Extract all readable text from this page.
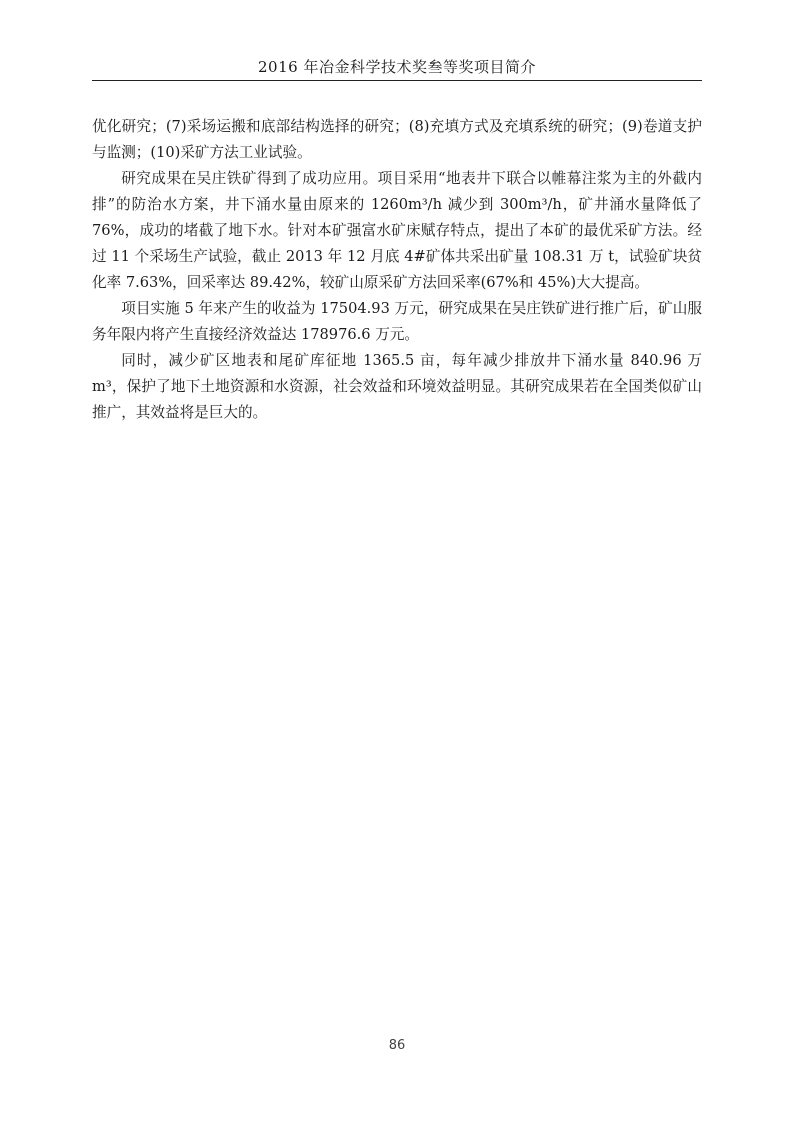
2016 年冶金科学技术奖叁等奖项目简介

优化研究；(7)采场运搬和底部结构选择的研究；(8)充填方式及充填系统的研究；(9)卷道支护与监测；(10)采矿方法工业试验。

研究成果在吴庄铁矿得到了成功应用。项目采用“地表井下联合以帷幕注浆为主的外截内排”的防治水方案，井下涌水量由原来的 1260m³/h 减少到 300m³/h，矿井涌水量降低了 76%，成功的堵截了地下水。针对本矿强富水矿床赋存特点，提出了本矿的最优采矿方法。经过 11 个采场生产试验，截止 2013 年 12 月底 4#矿体共采出矿量 108.31 万 t，试验矿块贫化率 7.63%，回采率达 89.42%，较矿山原采矿方法回采率(67%和 45%)大大提高。

项目实施 5 年来产生的收益为 17504.93 万元，研究成果在吴庄铁矿进行推广后，矿山服务年限内将产生直接经济效益达 178976.6 万元。

同时，减少矿区地表和尾矿库征地 1365.5 亩，每年减少排放井下涌水量 840.96 万 m³，保护了地下土地资源和水资源，社会效益和环境效益明显。其研究成果若在全国类似矿山推广，其效益将是巨大的。

86
